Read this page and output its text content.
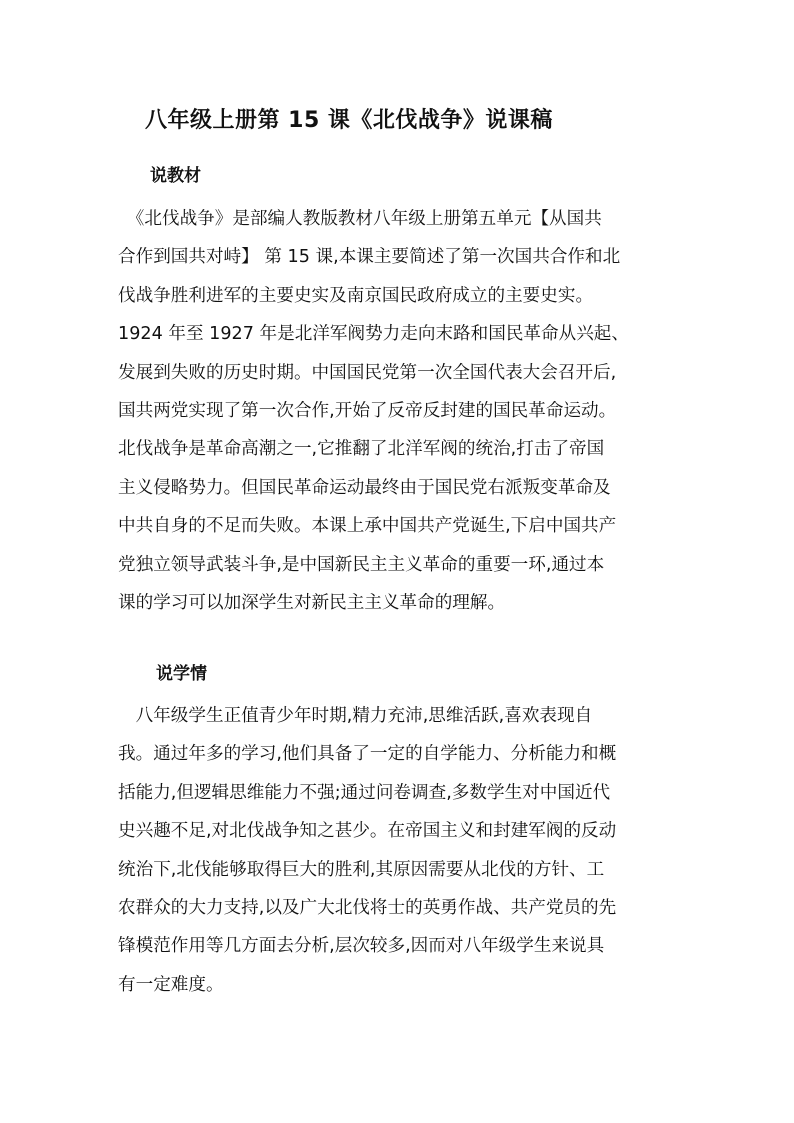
八年级上册第 15 课《北伐战争》说课稿
说教材
　《北伐战争》是部编人教版教材八年级上册第五单元【从国共
合作到国共对峙】 第 15 课,本课主要简述了第一次国共合作和北
伐战争胜利进军的主要史实及南京国民政府成立的主要史实。
1924 年至 1927 年是北洋军阀势力走向末路和国民革命从兴起、
发展到失败的历史时期。中国国民党第一次全国代表大会召开后,
国共两党实现了第一次合作,开始了反帝反封建的国民革命运动。
北伐战争是革命高潮之一,它推翻了北洋军阀的统治,打击了帝国
主义侵略势力。但国民革命运动最终由于国民党右派叛变革命及
中共自身的不足而失败。本课上承中国共产党诞生,下启中国共产
党独立领导武装斗争,是中国新民主主义革命的重要一环,通过本
课的学习可以加深学生对新民主主义革命的理解。
说学情
　八年级学生正值青少年时期,精力充沛,思维活跃,喜欢表现自
我。通过年多的学习,他们具备了一定的自学能力、分析能力和概
括能力,但逻辑思维能力不强;通过问卷调查,多数学生对中国近代
史兴趣不足,对北伐战争知之甚少。在帝国主义和封建军阀的反动
统治下,北伐能够取得巨大的胜利,其原因需要从北伐的方针、工
农群众的大力支持,以及广大北伐将士的英勇作战、共产党员的先
锋模范作用等几方面去分析,层次较多,因而对八年级学生来说具
有一定难度。
